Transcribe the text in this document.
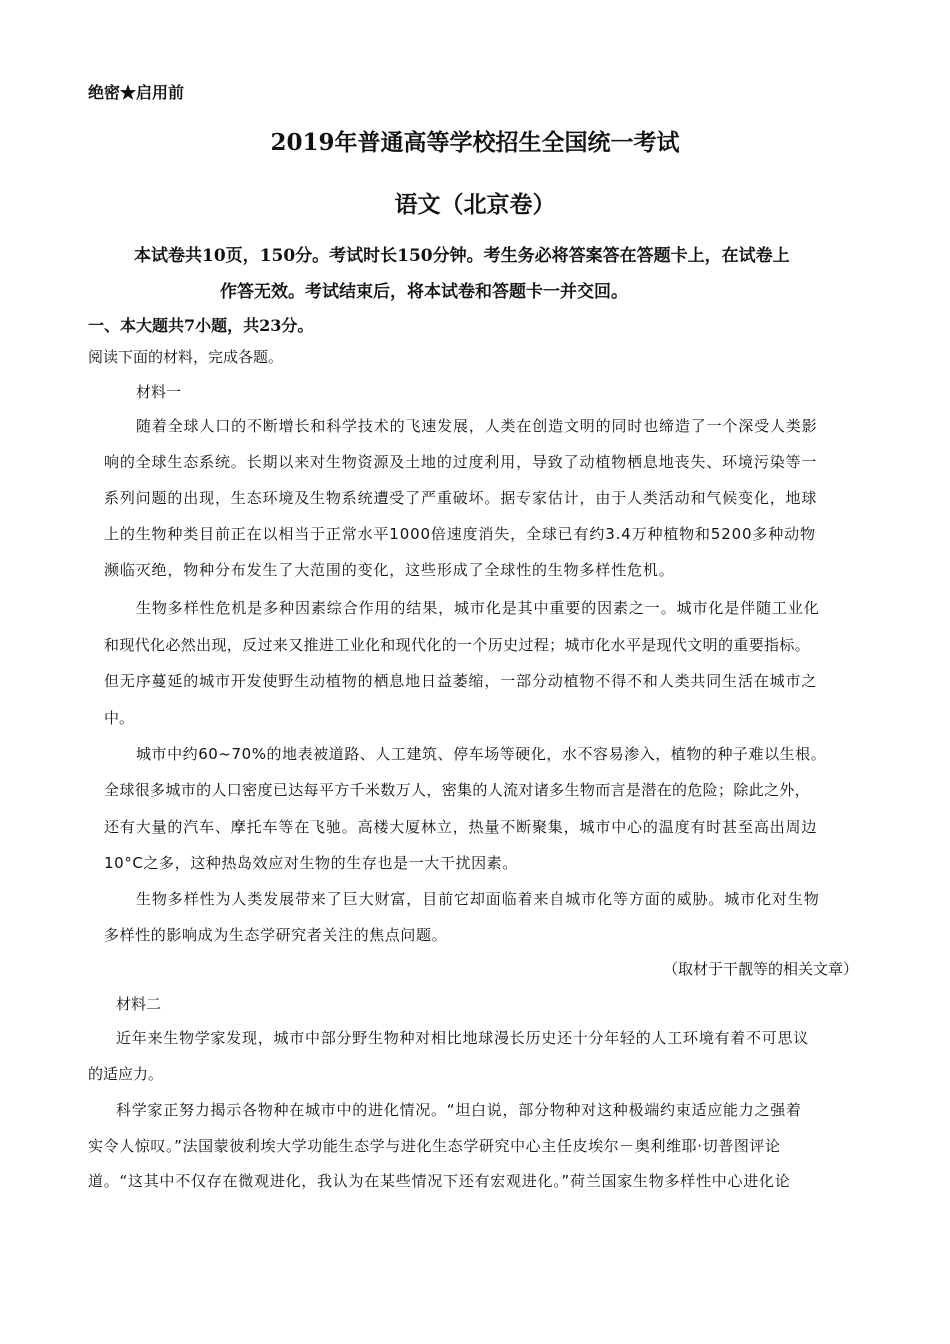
绝密★启用前
2019年普通高等学校招生全国统一考试
语文（北京卷）
本试卷共10页，150分。考试时长150分钟。考生务必将答案答在答题卡上，在试卷上
作答无效。考试结束后，将本试卷和答题卡一并交回。
一、本大题共7小题，共23分。
阅读下面的材料，完成各题。
材料一
随着全球人口的不断增长和科学技术的飞速发展，人类在创造文明的同时也缔造了一个深受人类影
响的全球生态系统。长期以来对生物资源及土地的过度利用，导致了动植物栖息地丧失、环境污染等一
系列问题的出现，生态环境及生物系统遭受了严重破坏。据专家估计，由于人类活动和气候变化，地球
上的生物种类目前正在以相当于正常水平1000倍速度消失，全球已有约3.4万种植物和5200多种动物
濒临灭绝，物种分布发生了大范围的变化，这些形成了全球性的生物多样性危机。
生物多样性危机是多种因素综合作用的结果，城市化是其中重要的因素之一。城市化是伴随工业化
和现代化必然出现，反过来又推进工业化和现代化的一个历史过程；城市化水平是现代文明的重要指标。
但无序蔓延的城市开发使野生动植物的栖息地日益萎缩，一部分动植物不得不和人类共同生活在城市之
中。
城市中约60~70%的地表被道路、人工建筑、停车场等硬化，水不容易渗入，植物的种子难以生根。
全球很多城市的人口密度已达每平方千米数万人，密集的人流对诸多生物而言是潜在的危险；除此之外，
还有大量的汽车、摩托车等在飞驰。高楼大厦林立，热量不断聚集，城市中心的温度有时甚至高出周边
10°C之多，这种热岛效应对生物的生存也是一大干扰因素。
生物多样性为人类发展带来了巨大财富，目前它却面临着来自城市化等方面的威胁。城市化对生物
多样性的影响成为生态学研究者关注的焦点问题。
（取材于干靓等的相关文章）
材料二
近年来生物学家发现，城市中部分野生物种对相比地球漫长历史还十分年轻的人工环境有着不可思议
的适应力。
科学家正努力揭示各物种在城市中的进化情况。“坦白说，部分物种对这种极端约束适应能力之强着
实令人惊叹。”法国蒙彼利埃大学功能生态学与进化生态学研究中心主任皮埃尔－奥利维耶·切普图评论
道。“这其中不仅存在微观进化，我认为在某些情况下还有宏观进化。”荷兰国家生物多样性中心进化论
